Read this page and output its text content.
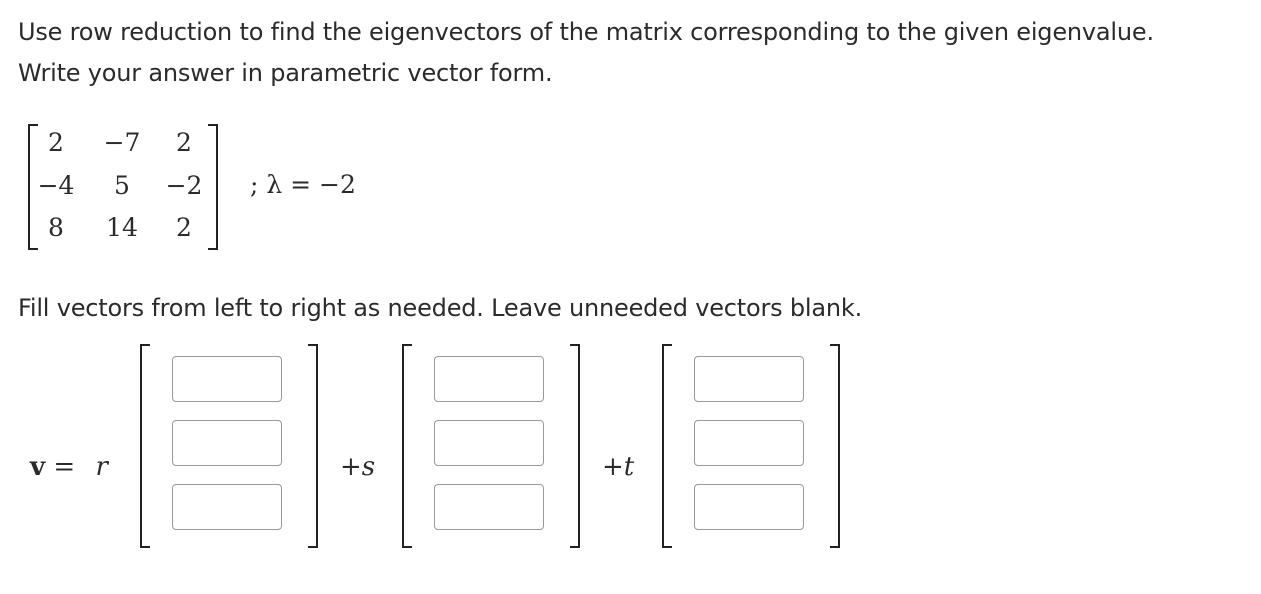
Use row reduction to find the eigenvectors of the matrix corresponding to the given eigenvalue.
Write your answer in parametric vector form.
2	−7	2
−4	5	−2
8	14	2
; λ = −2
Fill vectors from left to right as needed. Leave unneeded vectors blank.
v = r	+s	+t
